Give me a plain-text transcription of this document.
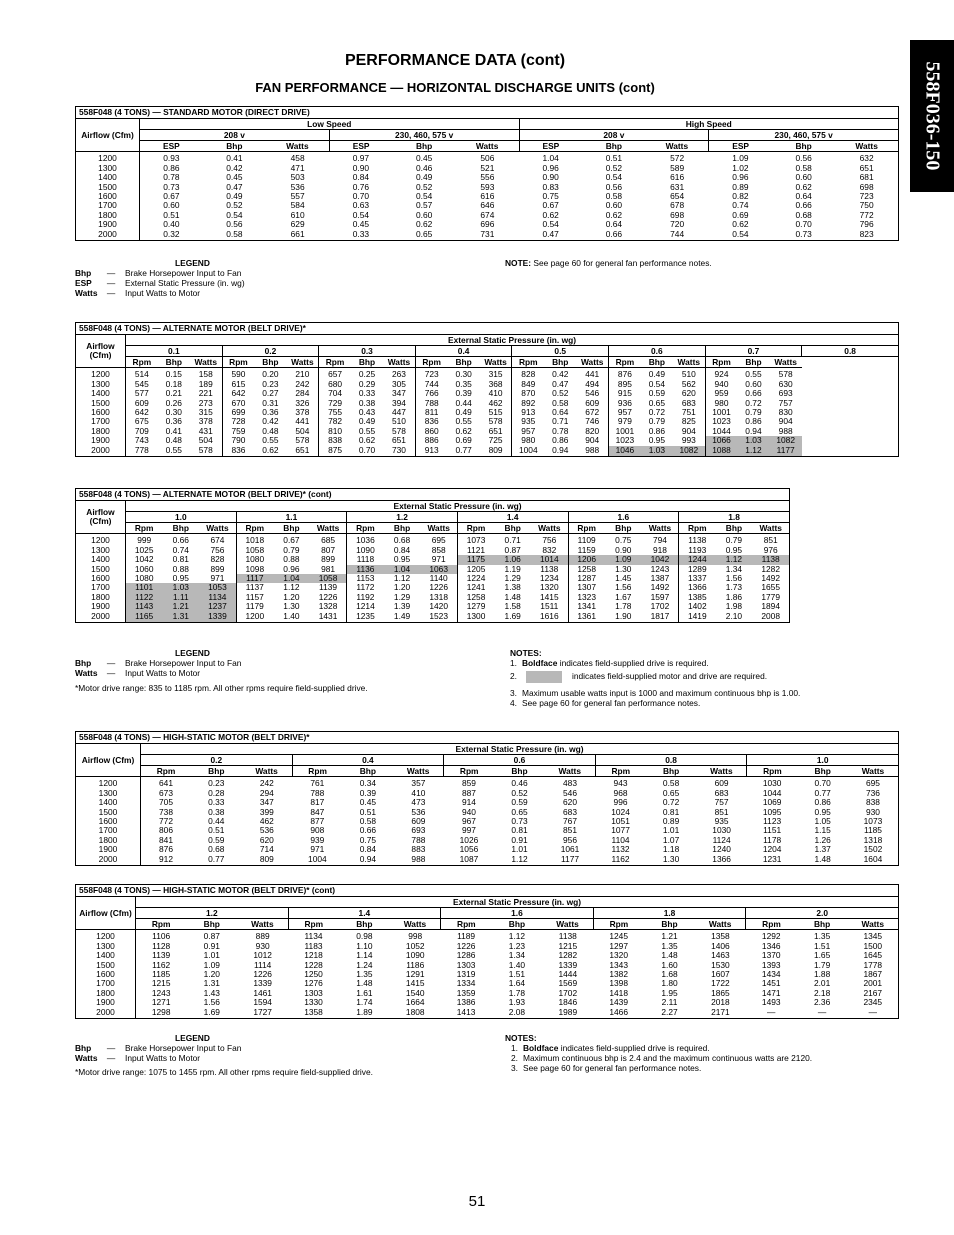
558F036-150
PERFORMANCE DATA (cont)
FAN PERFORMANCE — HORIZONTAL DISCHARGE UNITS (cont)
558F048 (4 TONS) — STANDARD MOTOR (DIRECT DRIVE)												
Airflow (Cfm)	Low Speed						High Speed					
	208 v			230, 460, 575 v			208 v			230, 460, 575 v		
	ESP	Bhp	Watts	ESP	Bhp	Watts	ESP	Bhp	Watts	ESP	Bhp	Watts
1200	0.93	0.41	458	0.97	0.45	506	1.04	0.51	572	1.09	0.56	632
1300	0.86	0.42	471	0.90	0.46	521	0.96	0.52	589	1.02	0.58	651
1400	0.78	0.45	503	0.84	0.49	556	0.90	0.54	616	0.96	0.60	681
1500	0.73	0.47	536	0.76	0.52	593	0.83	0.56	631	0.89	0.62	698
1600	0.67	0.49	557	0.70	0.54	616	0.75	0.58	654	0.82	0.64	723
1700	0.60	0.52	584	0.63	0.57	646	0.67	0.60	678	0.74	0.66	750
1800	0.51	0.54	610	0.54	0.60	674	0.62	0.62	698	0.69	0.68	772
1900	0.40	0.56	629	0.45	0.62	696	0.54	0.64	720	0.62	0.70	796
2000	0.32	0.58	661	0.33	0.65	731	0.47	0.66	744	0.54	0.73	823
LEGEND
Bhp	—	Brake Horsepower Input to Fan
ESP	—	External Static Pressure (in. wg)
Watts	—	Input Watts to Motor
NOTE: See page 60 for general fan performance notes.
558F048 (4 TONS) — ALTERNATE MOTOR (BELT DRIVE)*																						
Airflow (Cfm)	External Static Pressure (in. wg)																					
	0.1			0.2			0.3			0.4			0.5			0.6			0.7			0.8
	Rpm	Bhp	Watts	Rpm	Bhp	Watts	Rpm	Bhp	Watts	Rpm	Bhp	Watts	Rpm	Bhp	Watts	Rpm	Bhp	Watts	Rpm	Bhp	Watts	
1200	514	0.15	158	590	0.20	210	657	0.25	263	723	0.30	315	828	0.42	441	876	0.49	510	924	0.55	578	
1300	545	0.18	189	615	0.23	242	680	0.29	305	744	0.35	368	849	0.47	494	895	0.54	562	940	0.60	630	
1400	577	0.21	221	642	0.27	284	704	0.33	347	766	0.39	410	870	0.52	546	915	0.59	620	959	0.66	693	
1500	609	0.26	273	670	0.31	326	729	0.38	394	788	0.44	462	892	0.58	609	936	0.65	683	980	0.72	757	
1600	642	0.30	315	699	0.36	378	755	0.43	447	811	0.49	515	913	0.64	672	957	0.72	751	1001	0.79	830	
1700	675	0.36	378	728	0.42	441	782	0.49	510	836	0.55	578	935	0.71	746	979	0.79	825	1023	0.86	904	
1800	709	0.41	431	759	0.48	504	810	0.55	578	860	0.62	651	957	0.78	820	1001	0.86	904	1044	0.94	988	
1900	743	0.48	504	790	0.55	578	838	0.62	651	886	0.69	725	980	0.86	904	1023	0.95	993	1066	1.03	1082	
2000	778	0.55	578	836	0.62	651	875	0.70	730	913	0.77	809	1004	0.94	988	1046	1.03	1082	1088	1.12	1177	
558F048 (4 TONS) — ALTERNATE MOTOR (BELT DRIVE)* (cont)																		
Airflow (Cfm)	External Static Pressure (in. wg)																	
	1.0			1.1			1.2			1.4			1.6			1.8		
	Rpm	Bhp	Watts	Rpm	Bhp	Watts	Rpm	Bhp	Watts	Rpm	Bhp	Watts	Rpm	Bhp	Watts	Rpm	Bhp	Watts
1200	999	0.66	674	1018	0.67	685	1036	0.68	695	1073	0.71	756	1109	0.75	794	1138	0.79	851
1300	1025	0.74	756	1058	0.79	807	1090	0.84	858	1121	0.87	832	1159	0.90	918	1193	0.95	976
1400	1042	0.81	828	1080	0.88	899	1118	0.95	971	1175	1.06	1014	1206	1.09	1042	1244	1.12	1138
1500	1060	0.88	899	1098	0.96	981	1136	1.04	1063	1205	1.19	1138	1258	1.30	1243	1289	1.34	1282
1600	1080	0.95	971	1117	1.04	1058	1153	1.12	1140	1224	1.29	1234	1287	1.45	1387	1337	1.56	1492
1700	1101	1.03	1053	1137	1.12	1139	1172	1.20	1226	1241	1.38	1320	1307	1.56	1492	1366	1.73	1655
1800	1122	1.11	1134	1157	1.20	1226	1192	1.29	1318	1258	1.48	1415	1323	1.67	1597	1385	1.86	1779
1900	1143	1.21	1237	1179	1.30	1328	1214	1.39	1420	1279	1.58	1511	1341	1.78	1702	1402	1.98	1894
2000	1165	1.31	1339	1200	1.40	1431	1235	1.49	1523	1300	1.69	1616	1361	1.90	1817	1419	2.10	2008
LEGEND
Bhp	—	Brake Horsepower Input to Fan
Watts	—	Input Watts to Motor
*Motor drive range: 835 to 1185 rpm. All other rpms require field-supplied drive.
NOTES:
1. Boldface indicates field-supplied drive is required.
2.	indicates field-supplied motor and drive are required.
3. Maximum usable watts input is 1000 and maximum continuous bhp is 1.00.
4. See page 60 for general fan performance notes.
558F048 (4 TONS) — HIGH-STATIC MOTOR (BELT DRIVE)*															
Airflow (Cfm)	External Static Pressure (in. wg)														
	0.2			0.4			0.6			0.8			1.0		
	Rpm	Bhp	Watts	Rpm	Bhp	Watts	Rpm	Bhp	Watts	Rpm	Bhp	Watts	Rpm	Bhp	Watts
1200	641	0.23	242	761	0.34	357	859	0.46	483	943	0.58	609	1030	0.70	695
1300	673	0.28	294	788	0.39	410	887	0.52	546	968	0.65	683	1044	0.77	736
1400	705	0.33	347	817	0.45	473	914	0.59	620	996	0.72	757	1069	0.86	838
1500	738	0.38	399	847	0.51	536	940	0.65	683	1024	0.81	851	1095	0.95	930
1600	772	0.44	462	877	0.58	609	967	0.73	767	1051	0.89	935	1123	1.05	1073
1700	806	0.51	536	908	0.66	693	997	0.81	851	1077	1.01	1030	1151	1.15	1185
1800	841	0.59	620	939	0.75	788	1026	0.91	956	1104	1.07	1124	1178	1.26	1318
1900	876	0.68	714	971	0.84	883	1056	1.01	1061	1132	1.18	1240	1204	1.37	1502
2000	912	0.77	809	1004	0.94	988	1087	1.12	1177	1162	1.30	1366	1231	1.48	1604
558F048 (4 TONS) — HIGH-STATIC MOTOR (BELT DRIVE)* (cont)															
Airflow (Cfm)	External Static Pressure (in. wg)														
	1.2			1.4			1.6			1.8			2.0		
	Rpm	Bhp	Watts	Rpm	Bhp	Watts	Rpm	Bhp	Watts	Rpm	Bhp	Watts	Rpm	Bhp	Watts
1200	1106	0.87	889	1134	0.98	998	1189	1.12	1138	1245	1.21	1358	1292	1.35	1345
1300	1128	0.91	930	1183	1.10	1052	1226	1.23	1215	1297	1.35	1406	1346	1.51	1500
1400	1139	1.01	1012	1218	1.14	1090	1286	1.34	1282	1320	1.48	1463	1370	1.65	1645
1500	1162	1.09	1114	1228	1.24	1186	1303	1.40	1339	1343	1.60	1530	1393	1.79	1778
1600	1185	1.20	1226	1250	1.35	1291	1319	1.51	1444	1382	1.68	1607	1434	1.88	1867
1700	1215	1.31	1339	1276	1.48	1415	1334	1.64	1569	1398	1.80	1722	1451	2.01	2001
1800	1243	1.43	1461	1303	1.61	1540	1359	1.78	1702	1418	1.95	1865	1471	2.18	2167
1900	1271	1.56	1594	1330	1.74	1664	1386	1.93	1846	1439	2.11	2018	1493	2.36	2345
2000	1298	1.69	1727	1358	1.89	1808	1413	2.08	1989	1466	2.27	2171	—	—	—
LEGEND
Bhp	—	Brake Horsepower Input to Fan
Watts	—	Input Watts to Motor
*Motor drive range: 1075 to 1455 rpm. All other rpms require field-supplied drive.
NOTES:
1. Boldface indicates field-supplied drive is required.
2. Maximum continuous bhp is 2.4 and the maximum continuous watts are 2120.
3. See page 60 for general fan performance notes.
51
